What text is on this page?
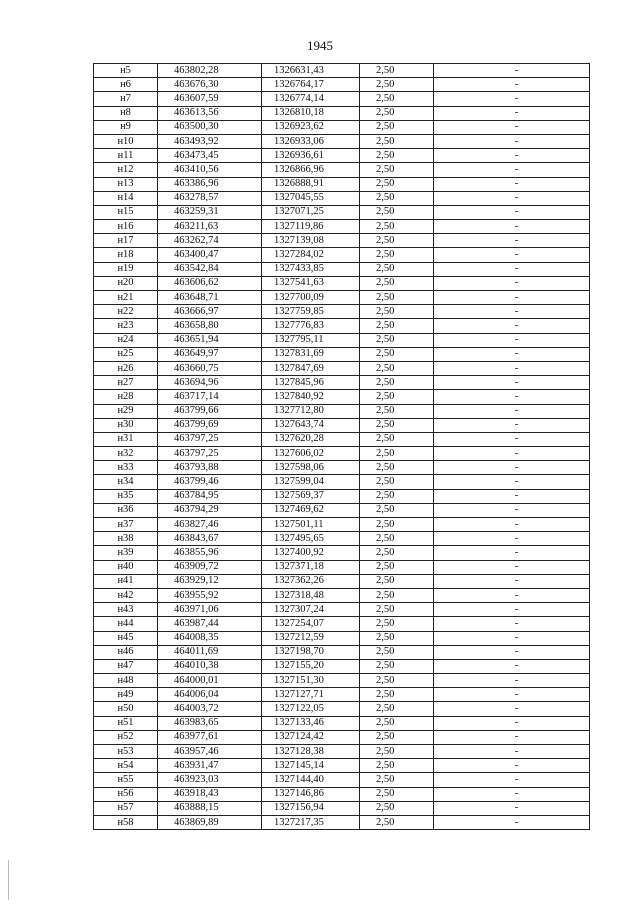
1945
н5	463802,28	1326631,43	2,50	-
н6	463676,30	1326764,17	2,50	-
н7	463607,59	1326774,14	2,50	-
н8	463613,56	1326810,18	2,50	-
н9	463500,30	1326923,62	2,50	-
н10	463493,92	1326933,06	2,50	-
н11	463473,45	1326936,61	2,50	-
н12	463410,56	1326866,96	2,50	-
н13	463386,96	1326888,91	2,50	-
н14	463278,57	1327045,55	2,50	-
н15	463259,31	1327071,25	2,50	-
н16	463211,63	1327119,86	2,50	-
н17	463262,74	1327139,08	2,50	-
н18	463400,47	1327284,02	2,50	-
н19	463542,84	1327433,85	2,50	-
н20	463606,62	1327541,63	2,50	-
н21	463648,71	1327700,09	2,50	-
н22	463666,97	1327759,85	2,50	-
н23	463658,80	1327776,83	2,50	-
н24	463651,94	1327795,11	2,50	-
н25	463649,97	1327831,69	2,50	-
н26	463660,75	1327847,69	2,50	-
н27	463694,96	1327845,96	2,50	-
н28	463717,14	1327840,92	2,50	-
н29	463799,66	1327712,80	2,50	-
н30	463799,69	1327643,74	2,50	-
н31	463797,25	1327620,28	2,50	-
н32	463797,25	1327606,02	2,50	-
н33	463793,88	1327598,06	2,50	-
н34	463799,46	1327599,04	2,50	-
н35	463784,95	1327569,37	2,50	-
н36	463794,29	1327469,62	2,50	-
н37	463827,46	1327501,11	2,50	-
н38	463843,67	1327495,65	2,50	-
н39	463855,96	1327400,92	2,50	-
н40	463909,72	1327371,18	2,50	-
н41	463929,12	1327362,26	2,50	-
н42	463955,92	1327318,48	2,50	-
н43	463971,06	1327307,24	2,50	-
н44	463987,44	1327254,07	2,50	-
н45	464008,35	1327212,59	2,50	-
н46	464011,69	1327198,70	2,50	-
н47	464010,38	1327155,20	2,50	-
н48	464000,01	1327151,30	2,50	-
н49	464006,04	1327127,71	2,50	-
н50	464003,72	1327122,05	2,50	-
н51	463983,65	1327133,46	2,50	-
н52	463977,61	1327124,42	2,50	-
н53	463957,46	1327128,38	2,50	-
н54	463931,47	1327145,14	2,50	-
н55	463923,03	1327144,40	2,50	-
н56	463918,43	1327146,86	2,50	-
н57	463888,15	1327156,94	2,50	-
н58	463869,89	1327217,35	2,50	-
